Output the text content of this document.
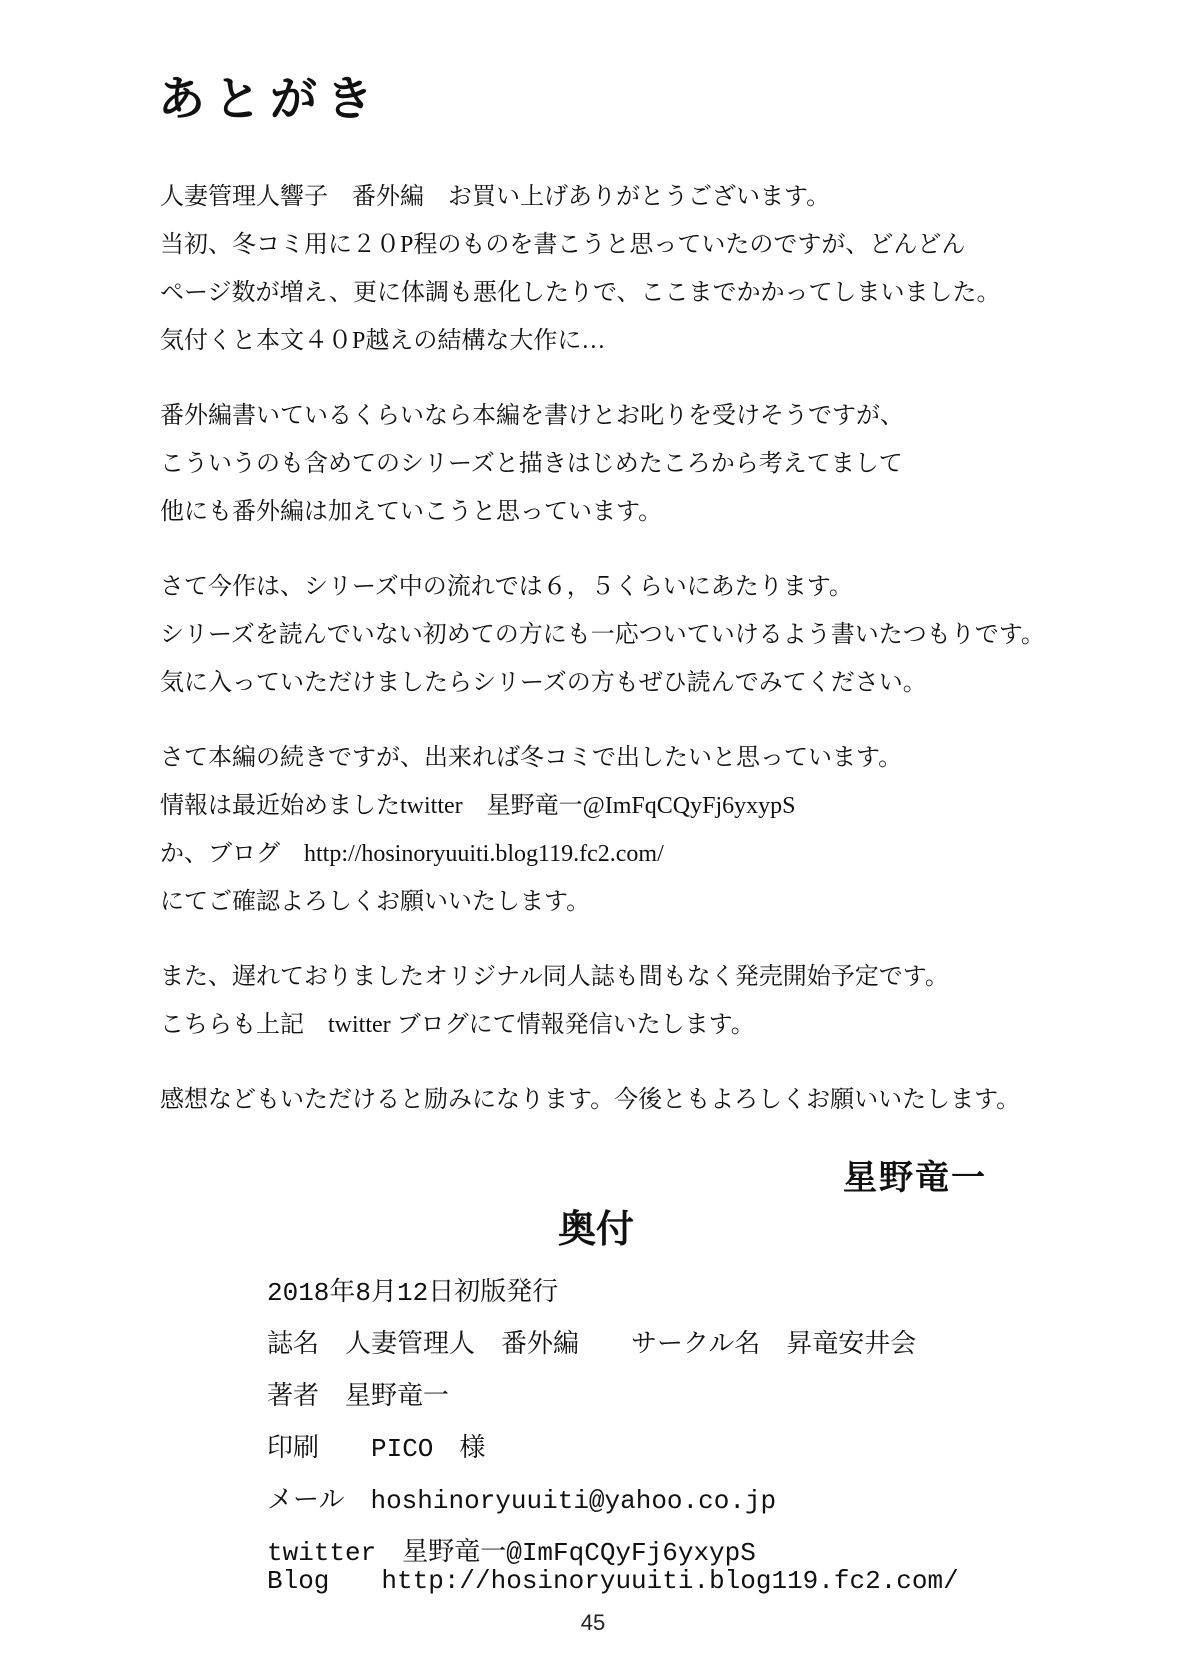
あとがき
人妻管理人響子　番外編　お買い上げありがとうございます。
当初、冬コミ用に２０P程のものを書こうと思っていたのですが、どんどん
ページ数が増え、更に体調も悪化したりで、ここまでかかってしまいました。
気付くと本文４０P越えの結構な大作に…
番外編書いているくらいなら本編を書けとお叱りを受けそうですが、
こういうのも含めてのシリーズと描きはじめたころから考えてまして
他にも番外編は加えていこうと思っています。
さて今作は、シリーズ中の流れでは６，５くらいにあたります。
シリーズを読んでいない初めての方にも一応ついていけるよう書いたつもりです。
気に入っていただけましたらシリーズの方もぜひ読んでみてください。
さて本編の続きですが、出来れば冬コミで出したいと思っています。
情報は最近始めましたtwitter　星野竜一@ImFqCQyFj6yxypS
か、ブログ　http://hosinoryuuiti.blog119.fc2.com/
にてご確認よろしくお願いいたします。
また、遅れておりましたオリジナル同人誌も間もなく発売開始予定です。
こちらも上記　twitter ブログにて情報発信いたします。
感想などもいただけると励みになります。今後ともよろしくお願いいたします。
星野竜一
奥付
2018年8月12日初版発行
誌名　人妻管理人　番外編　　サークル名　昇竜安井会
著者　星野竜一
印刷　　PICO　様
メール　hoshinoryuuiti@yahoo.co.jp
twitter　星野竜一@ImFqCQyFj6yxypS
Blog　　http://hosinoryuuiti.blog119.fc2.com/
45
